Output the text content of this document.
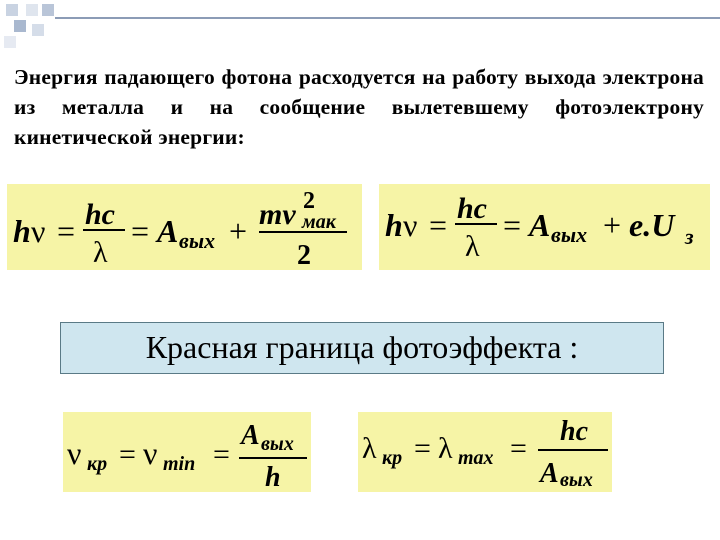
Энергия падающего фотона расходуется на работу выхода электрона из металла и на сообщение вылетевшему фотоэлектрону кинетической энергии:
h ν = hc
λ
= A вых + mv 2
мак
2
h ν = hc
λ
= A вых + e.U з
Красная граница фотоэффекта :
ν кр = ν min =
A вых
h
λ кр = λ max =
hc
A вых
